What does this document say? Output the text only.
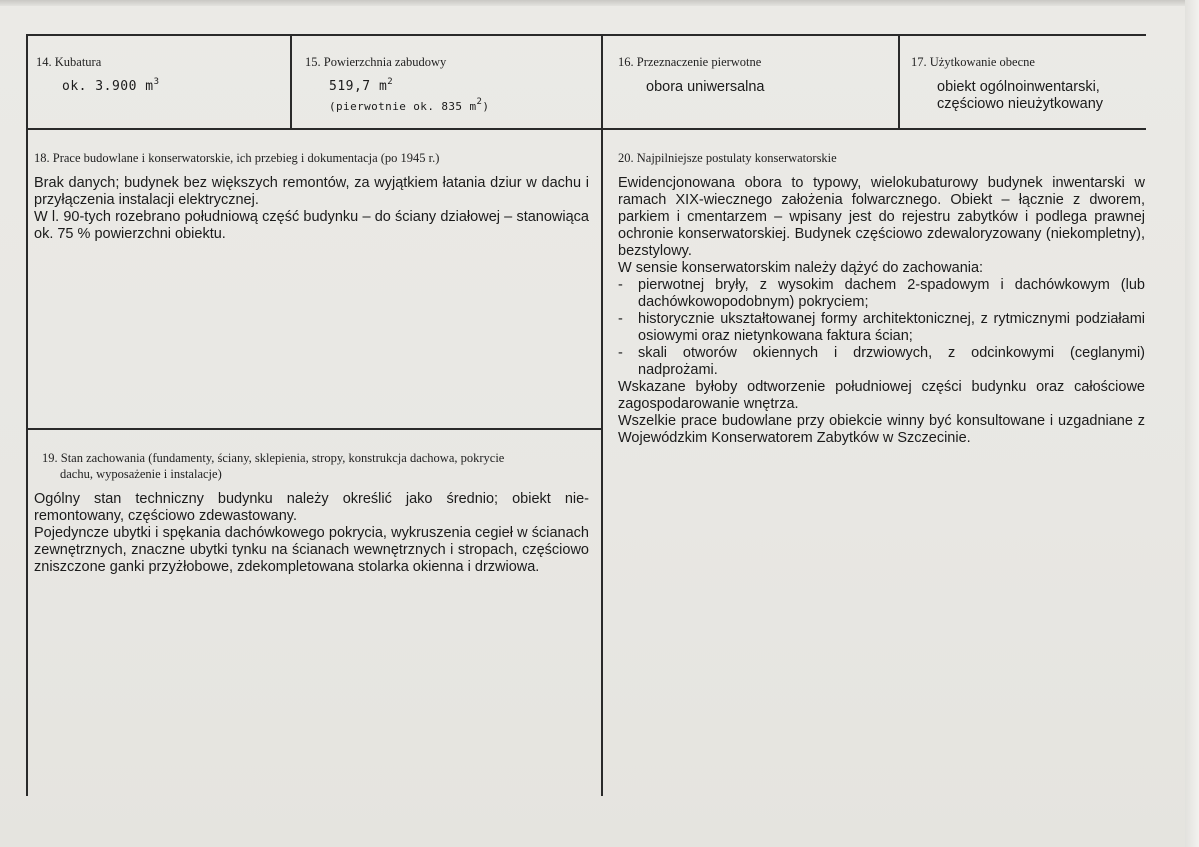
14. Kubatura
ok. 3.900 $m^3$
15. Powierzchnia zabudowy
519,7 $m^2$
(pierwotnie ok. 835 $m^2$)
16. Przeznaczenie pierwotne
obora uniwersalna
17. Użytkowanie obecne
obiekt ogólnoinwentarski,
częściowo nieużytkowany
18. Prace budowlane i konserwatorskie, ich przebieg i dokumentacja (po 1945 r.)

Brak danych; budynek bez większych remontów, za wyjątkiem łatania dziur w dachu i przyłączenia instalacji elektrycznej.

W l. 90-tych rozebrano południową część budynku – do ściany działowej – stanowiąca ok. 75 % powierzchni obiektu.

19. Stan zachowania (fundamenty, ściany, sklepienia, stropy, konstrukcja dachowa, pokrycie
dachu, wyposażenie i instalacje)

Ogólny stan techniczny budynku należy określić jako średnio; obiekt nie-remontowany, częściowo zdewastowany.

Pojedyncze ubytki i spękania dachówkowego pokrycia, wykruszenia cegieł w ścianach zewnętrznych, znaczne ubytki tynku na ścianach wewnętrznych i stropach, częściowo zniszczone ganki przyżłobowe, zdekompletowana stolarka okienna i drzwiowa.

20. Najpilniejsze postulaty konserwatorskie

Ewidencjonowana obora to typowy, wielokubaturowy budynek inwentarski w ramach XIX-wiecznego założenia folwarcznego. Obiekt – łącznie z dworem, parkiem i cmentarzem – wpisany jest do rejestru zabytków i podlega prawnej ochronie konserwatorskiej. Budynek częściowo zdewaloryzowany (niekompletny), bezstylowy.

W sensie konserwatorskim należy dążyć do zachowania:

-	pierwotnej bryły, z wysokim dachem 2-spadowym i dachówkowym (lub dachówkowopodobnym) pokryciem;
-	historycznie ukształtowanej formy architektonicznej, z rytmicznymi podziałami osiowymi oraz nietynkowana faktura ścian;
-	skali otworów okiennych i drzwiowych, z odcinkowymi (ceglanymi) nadprożami.

Wskazane byłoby odtworzenie południowej części budynku oraz całościowe zagospodarowanie wnętrza.

Wszelkie prace budowlane przy obiekcie winny być konsultowane i uzgadniane z Wojewódzkim Konserwatorem Zabytków w Szczecinie.
